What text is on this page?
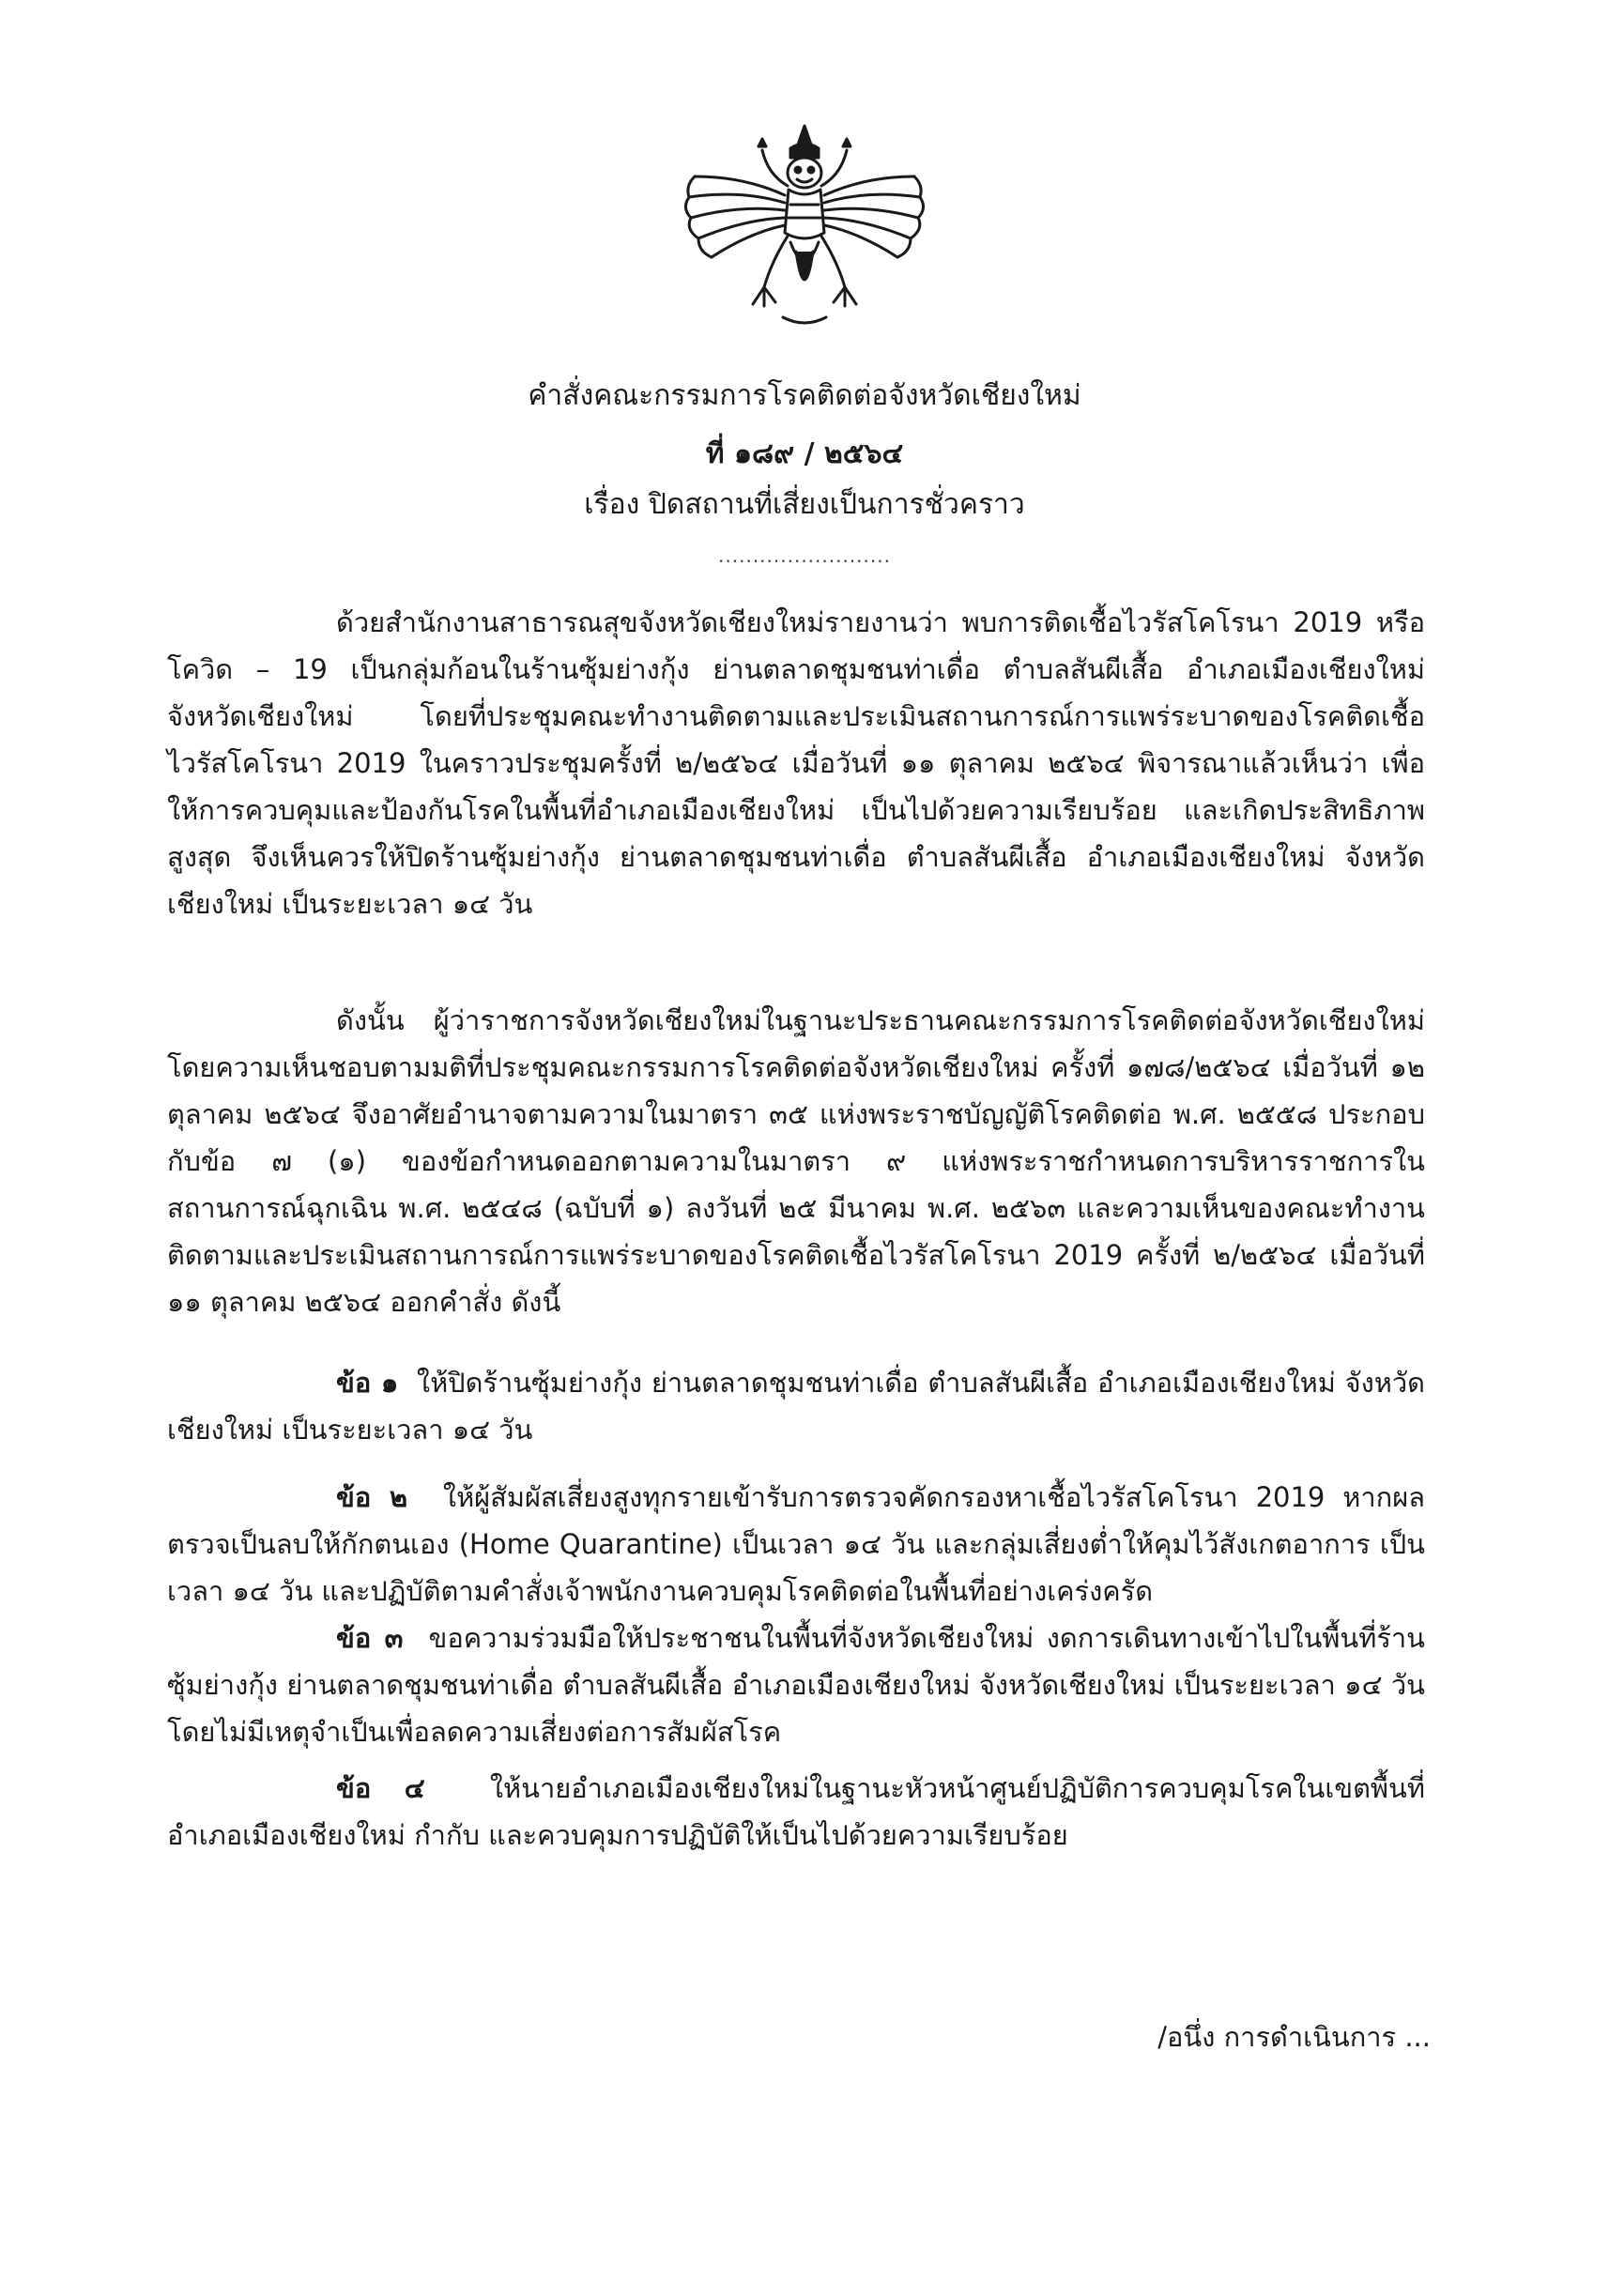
คำสั่งคณะกรรมการโรคติดต่อจังหวัดเชียงใหม่
ที่ ๑๘๙ / ๒๕๖๔
เรื่อง ปิดสถานที่เสี่ยงเป็นการชั่วคราว
.........................
ด้วยสำนักงานสาธารณสุขจังหวัดเชียงใหม่รายงานว่า พบการติดเชื้อไวรัสโคโรนา 2019 หรือโควิด – 19 เป็นกลุ่มก้อนในร้านซุ้มย่างกุ้ง ย่านตลาดชุมชนท่าเดื่อ ตำบลสันผีเสื้อ อำเภอเมืองเชียงใหม่ จังหวัดเชียงใหม่ โดยที่ประชุมคณะทำงานติดตามและประเมินสถานการณ์การแพร่ระบาดของโรคติดเชื้อไวรัสโคโรนา 2019 ในคราวประชุมครั้งที่ ๒/๒๕๖๔ เมื่อวันที่ ๑๑ ตุลาคม ๒๕๖๔ พิจารณาแล้วเห็นว่า เพื่อให้การควบคุมและป้องกันโรคในพื้นที่อำเภอเมืองเชียงใหม่ เป็นไปด้วยความเรียบร้อย และเกิดประสิทธิภาพสูงสุด จึงเห็นควรให้ปิดร้านซุ้มย่างกุ้ง ย่านตลาดชุมชนท่าเดื่อ ตำบลสันผีเสื้อ อำเภอเมืองเชียงใหม่ จังหวัดเชียงใหม่ เป็นระยะเวลา ๑๔ วัน
ดังนั้น ผู้ว่าราชการจังหวัดเชียงใหม่ในฐานะประธานคณะกรรมการโรคติดต่อจังหวัดเชียงใหม่ โดยความเห็นชอบตามมติที่ประชุมคณะกรรมการโรคติดต่อจังหวัดเชียงใหม่ ครั้งที่ ๑๗๘/๒๕๖๔ เมื่อวันที่ ๑๒ ตุลาคม ๒๕๖๔ จึงอาศัยอำนาจตามความในมาตรา ๓๕ แห่งพระราชบัญญัติโรคติดต่อ พ.ศ. ๒๕๕๘ ประกอบกับข้อ ๗ (๑) ของข้อกำหนดออกตามความในมาตรา ๙ แห่งพระราชกำหนดการบริหารราชการในสถานการณ์ฉุกเฉิน พ.ศ. ๒๕๔๘ (ฉบับที่ ๑) ลงวันที่ ๒๕ มีนาคม พ.ศ. ๒๕๖๓ และความเห็นของคณะทำงานติดตามและประเมินสถานการณ์การแพร่ระบาดของโรคติดเชื้อไวรัสโคโรนา 2019 ครั้งที่ ๒/๒๕๖๔ เมื่อวันที่ ๑๑ ตุลาคม ๒๕๖๔ ออกคำสั่ง ดังนี้
ข้อ ๑ ให้ปิดร้านซุ้มย่างกุ้ง ย่านตลาดชุมชนท่าเดื่อ ตำบลสันผีเสื้อ อำเภอเมืองเชียงใหม่ จังหวัดเชียงใหม่ เป็นระยะเวลา ๑๔ วัน
ข้อ ๒ ให้ผู้สัมผัสเสี่ยงสูงทุกรายเข้ารับการตรวจคัดกรองหาเชื้อไวรัสโคโรนา 2019 หากผลตรวจเป็นลบให้กักตนเอง (Home Quarantine) เป็นเวลา ๑๔ วัน และกลุ่มเสี่ยงต่ำให้คุมไว้สังเกตอาการ เป็นเวลา ๑๔ วัน และปฏิบัติตามคำสั่งเจ้าพนักงานควบคุมโรคติดต่อในพื้นที่อย่างเคร่งครัด
ข้อ ๓ ขอความร่วมมือให้ประชาชนในพื้นที่จังหวัดเชียงใหม่ งดการเดินทางเข้าไปในพื้นที่ร้านซุ้มย่างกุ้ง ย่านตลาดชุมชนท่าเดื่อ ตำบลสันผีเสื้อ อำเภอเมืองเชียงใหม่ จังหวัดเชียงใหม่ เป็นระยะเวลา ๑๔ วัน โดยไม่มีเหตุจำเป็นเพื่อลดความเสี่ยงต่อการสัมผัสโรค
ข้อ ๔ ให้นายอำเภอเมืองเชียงใหม่ในฐานะหัวหน้าศูนย์ปฏิบัติการควบคุมโรคในเขตพื้นที่อำเภอเมืองเชียงใหม่ กำกับ และควบคุมการปฏิบัติให้เป็นไปด้วยความเรียบร้อย
/อนึ่ง การดำเนินการ ...
